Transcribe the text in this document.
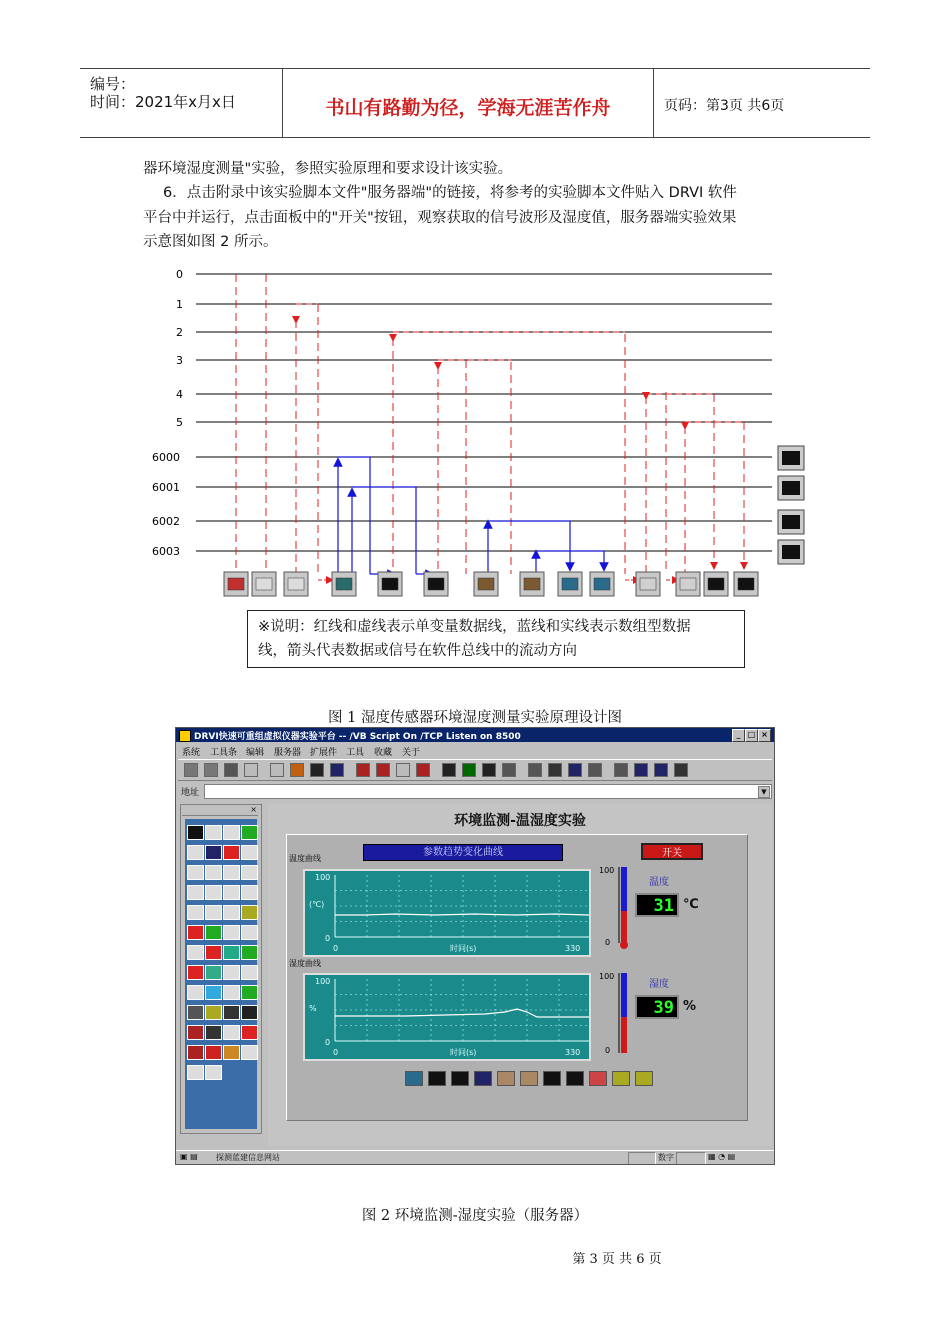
编号：
时间：2021年x月x日	书山有路勤为径，学海无涯苦作舟	页码：第3页 共6页
器环境湿度测量"实验，参照实验原理和要求设计该实验。
6．点击附录中该实验脚本文件"服务器端"的链接，将参考的实验脚本文件贴入 DRVI 软件
平台中并运行，点击面板中的"开关"按钮，观察获取的信号波形及湿度值，服务器端实验效果
示意图如图 2 所示。
0
1
2
3
4
5
6000
6001
6002
6003
※说明：红线和虚线表示单变量数据线，蓝线和实线表示数组型数据
线，箭头代表数据或信号在软件总线中的流动方向
图 1 湿度传感器环境湿度测量实验原理设计图
DRVI快速可重组虚拟仪器实验平台 -- /VB Script On /TCP Listen on 8500	_ □ ×
系统 工具条 编辑 服务器 扩展件 工具 收藏 关于
地址	▼
×
环境监测-温湿度实验
参数趋势变化曲线	开关
温度曲线
100
0
(℃)
0	330
时间(s)
湿度曲线
100
0
%
0	330
时间(s)
100
0
100
0
温度
31 ℃
湿度
39 %
▣ ▤ 探测蓝建信息网站	数字	▦ ◔ ▤
图 2 环境监测-湿度实验（服务器）
第 3 页 共 6 页
